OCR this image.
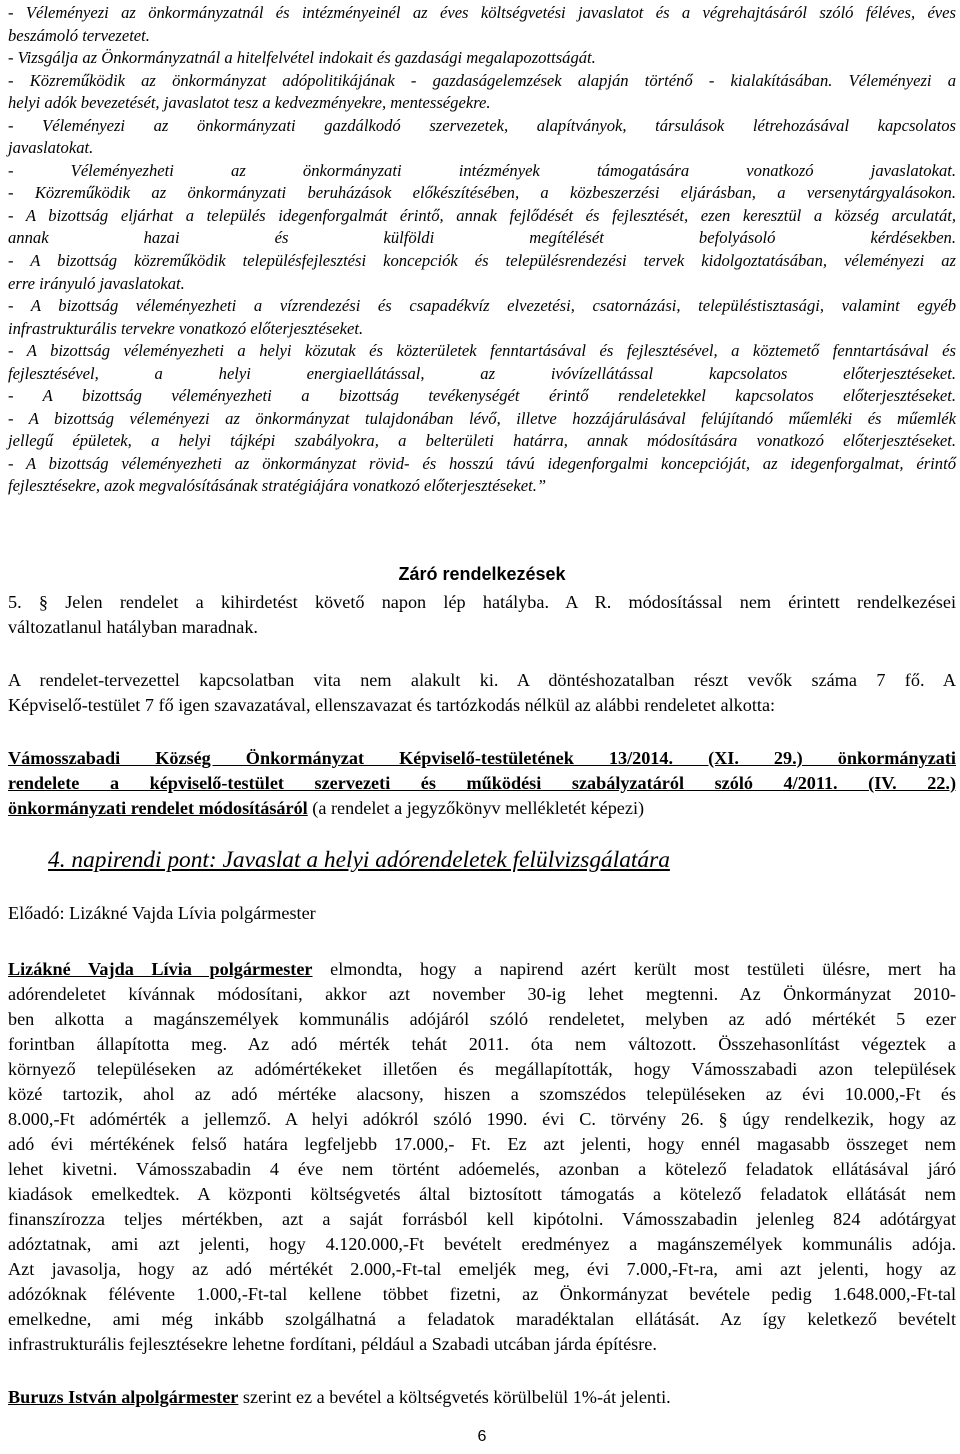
- Véleményezi az önkormányzatnál és intézményeinél az éves költségvetési javaslatot és a végrehajtásáról szóló féléves, éves
beszámoló tervezetet.
- Vizsgálja az Önkormányzatnál a hitelfelvétel indokait és gazdasági megalapozottságát.
- Közreműködik az önkormányzat adópolitikájának - gazdaságelemzések alapján történő - kialakításában. Véleményezi a
helyi adók bevezetését, javaslatot tesz a kedvezményekre, mentességekre.
- Véleményezi az önkormányzati gazdálkodó szervezetek, alapítványok, társulások létrehozásával kapcsolatos
javaslatokat.
- Véleményezheti az önkormányzati intézmények támogatására vonatkozó javaslatokat.
- Közreműködik az önkormányzati beruházások előkészítésében, a közbeszerzési eljárásban, a versenytárgyalásokon.
- A bizottság eljárhat a település idegenforgalmát érintő, annak fejlődését és fejlesztését, ezen keresztül a község arculatát,
annak hazai és külföldi megítélését befolyásoló kérdésekben.
- A bizottság közreműködik településfejlesztési koncepciók és településrendezési tervek kidolgoztatásában, véleményezi az
erre irányuló javaslatokat.
- A bizottság véleményezheti a vízrendezési és csapadékvíz elvezetési, csatornázási, településtisztasági, valamint egyéb
infrastrukturális tervekre vonatkozó előterjesztéseket.
- A bizottság véleményezheti a helyi közutak és közterületek fenntartásával és fejlesztésével, a köztemető fenntartásával és
fejlesztésével, a helyi energiaellátással, az ivóvízellátással kapcsolatos előterjesztéseket.
- A bizottság véleményezheti a bizottság tevékenységét érintő rendeletekkel kapcsolatos előterjesztéseket.
- A bizottság véleményezi az önkormányzat tulajdonában lévő, illetve hozzájárulásával felújítandó műemléki és műemlék
jellegű épületek, a helyi tájképi szabályokra, a belterületi határra, annak módosítására vonatkozó előterjesztéseket.
- A bizottság véleményezheti az önkormányzat rövid- és hosszú távú idegenforgalmi koncepcióját, az idegenforgalmat, érintő
fejlesztésekre, azok megvalósításának stratégiájára vonatkozó előterjesztéseket.”
Záró rendelkezések
5. § Jelen rendelet a kihirdetést követő napon lép hatályba. A R. módosítással nem érintett rendelkezései
változatlanul hatályban maradnak.
A rendelet-tervezettel kapcsolatban vita nem alakult ki. A döntéshozatalban részt vevők száma 7 fő. A
Képviselő-testület 7 fő igen szavazatával, ellenszavazat és tartózkodás nélkül az alábbi rendeletet alkotta:
Vámosszabadi Község Önkormányzat Képviselő-testületének 13/2014. (XI. 29.) önkormányzati
rendelete a képviselő-testület szervezeti és működési szabályzatáról szóló 4/2011. (IV. 22.)
önkormányzati rendelet módosításáról (a rendelet a jegyzőkönyv mellékletét képezi)
4. napirendi pont: Javaslat a helyi adórendeletek felülvizsgálatára
Előadó: Lizákné Vajda Lívia polgármester
Lizákné Vajda Lívia polgármester elmondta, hogy a napirend azért került most testületi ülésre, mert ha
adórendeletet kívánnak módosítani, akkor azt november 30-ig lehet megtenni. Az Önkormányzat 2010-
ben alkotta a magánszemélyek kommunális adójáról szóló rendeletet, melyben az adó mértékét 5 ezer
forintban állapította meg. Az adó mérték tehát 2011. óta nem változott. Összehasonlítást végeztek a
környező településeken az adómértékeket illetően és megállapították, hogy Vámosszabadi azon települések
közé tartozik, ahol az adó mértéke alacsony, hiszen a szomszédos településeken az évi 10.000,-Ft és
8.000,-Ft adómérték a jellemző. A helyi adókról szóló 1990. évi C. törvény 26. § úgy rendelkezik, hogy az
adó évi mértékének felső határa legfeljebb 17.000,- Ft. Ez azt jelenti, hogy ennél magasabb összeget nem
lehet kivetni. Vámosszabadin 4 éve nem történt adóemelés, azonban a kötelező feladatok ellátásával járó
kiadások emelkedtek. A központi költségvetés által biztosított támogatás a kötelező feladatok ellátását nem
finanszírozza teljes mértékben, azt a saját forrásból kell kipótolni. Vámosszabadin jelenleg 824 adótárgyat
adóztatnak, ami azt jelenti, hogy 4.120.000,-Ft bevételt eredményez a magánszemélyek kommunális adója.
Azt javasolja, hogy az adó mértékét 2.000,-Ft-tal emeljék meg, évi 7.000,-Ft-ra, ami azt jelenti, hogy az
adózóknak félévente 1.000,-Ft-tal kellene többet fizetni, az Önkormányzat bevétele pedig 1.648.000,-Ft-tal
emelkedne, ami még inkább szolgálhatná a feladatok maradéktalan ellátását. Az így keletkező bevételt
infrastrukturális fejlesztésekre lehetne fordítani, például a Szabadi utcában járda építésre.
Buruzs István alpolgármester szerint ez a bevétel a költségvetés körülbelül 1%-át jelenti.
6
